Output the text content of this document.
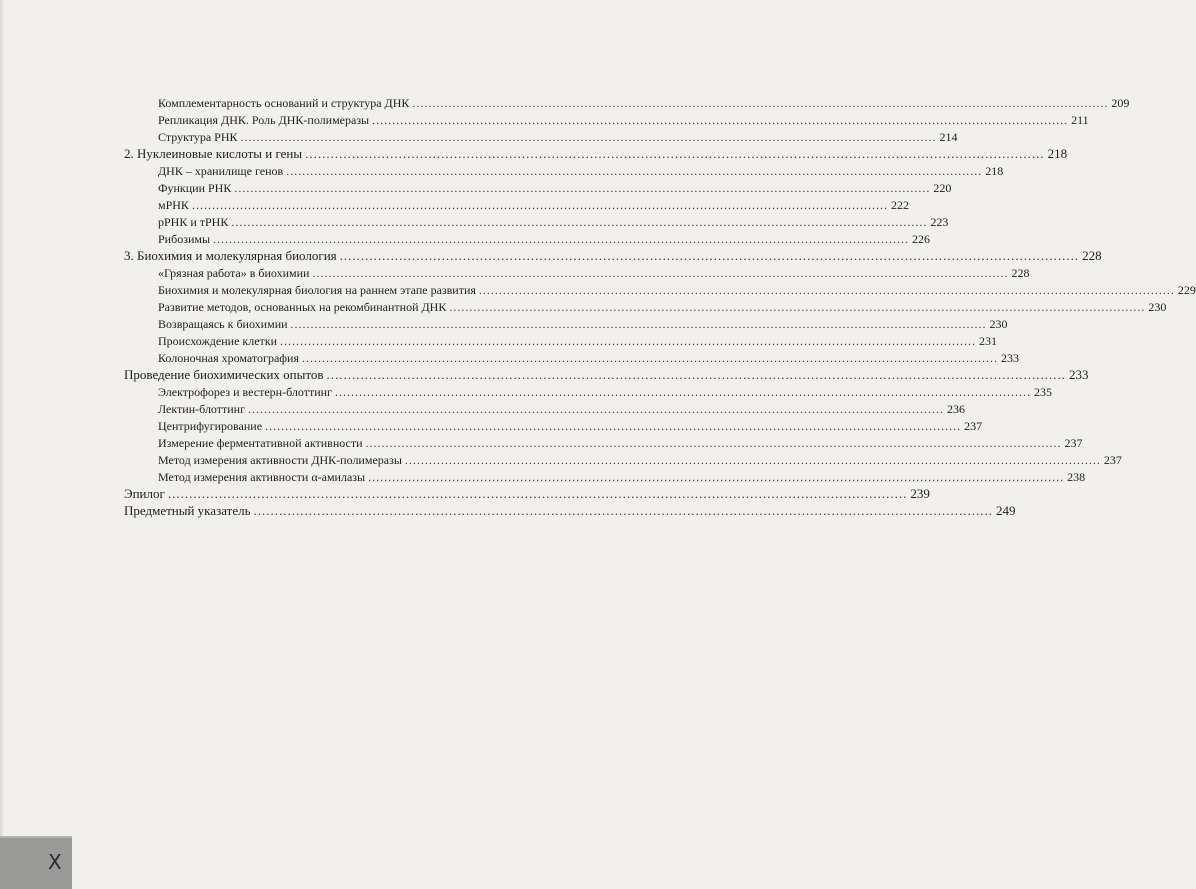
Комплементарность оснований и структура ДНК .............................................................................................................................................................................. 209
Репликация ДНК. Роль ДНК-полимеразы .............................................................................................................................................................................. 211
Структура РНК .............................................................................................................................................................................. 214
2. Нуклеиновые кислоты и гены .............................................................................................................................................................................. 218
ДНК – хранилище генов .............................................................................................................................................................................. 218
Функции РНК .............................................................................................................................................................................. 220
мРНК .............................................................................................................................................................................. 222
рРНК и тРНК .............................................................................................................................................................................. 223
Рибозимы .............................................................................................................................................................................. 226
3. Биохимия и молекулярная биология .............................................................................................................................................................................. 228
«Грязная работа» в биохимии .............................................................................................................................................................................. 228
Биохимия и молекулярная биология на раннем этапе развития .............................................................................................................................................................................. 229
Развитие методов, основанных на рекомбинантной ДНК .............................................................................................................................................................................. 230
Возвращаясь к биохимии .............................................................................................................................................................................. 230
Происхождение клетки .............................................................................................................................................................................. 231
Колоночная хроматография .............................................................................................................................................................................. 233
Проведение биохимических опытов .............................................................................................................................................................................. 233
Электрофорез и вестерн-блоттинг .............................................................................................................................................................................. 235
Лектин-блоттинг .............................................................................................................................................................................. 236
Центрифугирование .............................................................................................................................................................................. 237
Измерение ферментативной активности .............................................................................................................................................................................. 237
Метод измерения активности ДНК-полимеразы .............................................................................................................................................................................. 237
Метод измерения активности α-амилазы .............................................................................................................................................................................. 238
Эпилог .............................................................................................................................................................................. 239
Предметный указатель .............................................................................................................................................................................. 249
X
